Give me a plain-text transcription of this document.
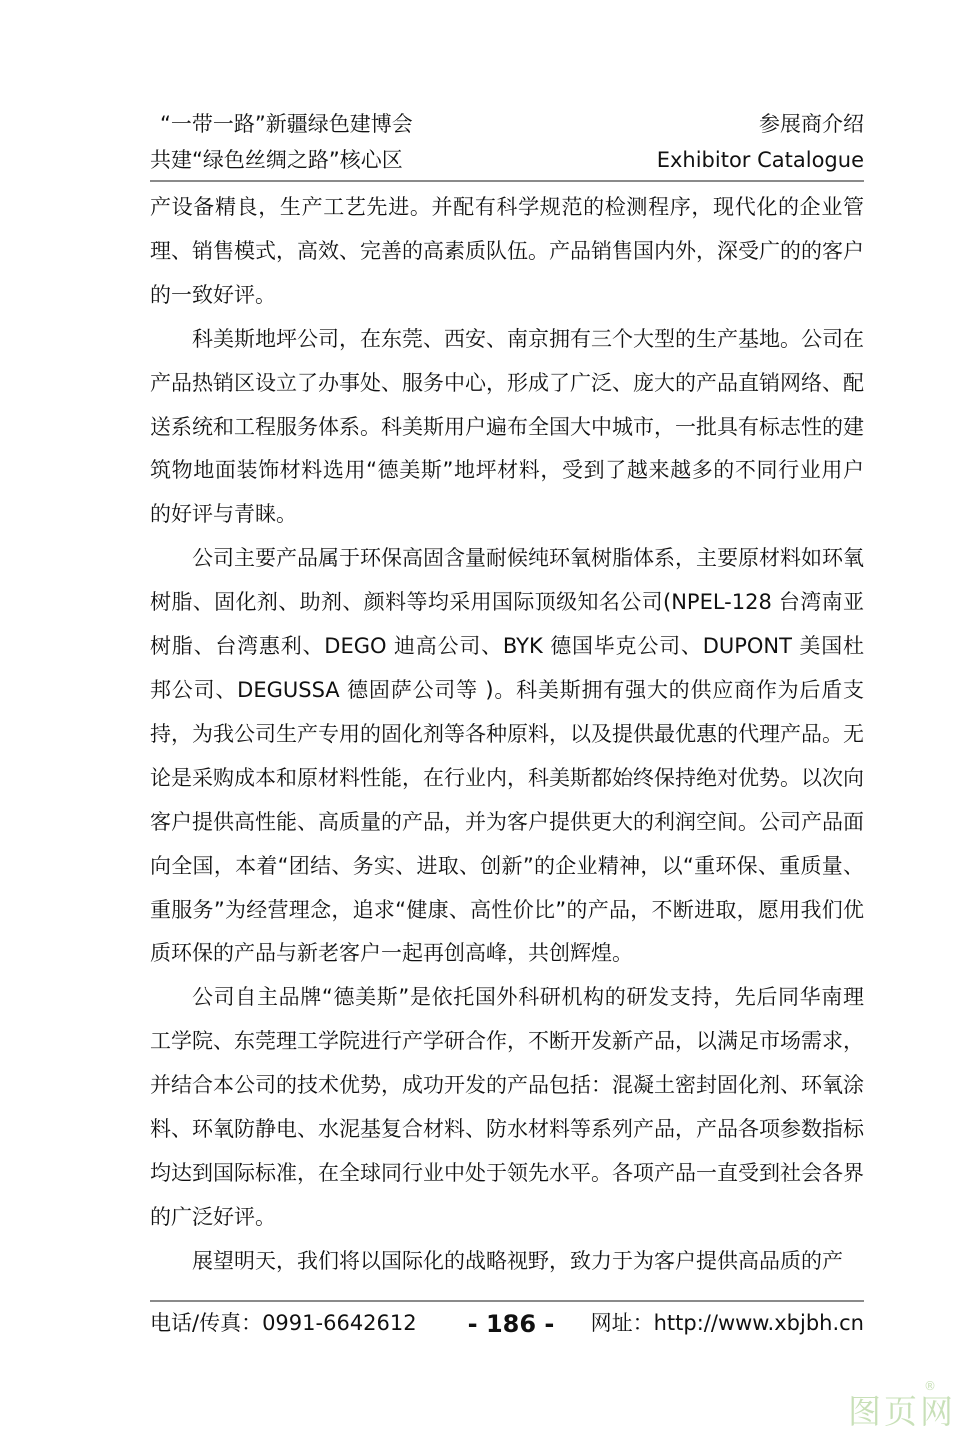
“一带一路”新疆绿色建博会
共建“绿色丝绸之路”核心区
参展商介绍
Exhibitor Catalogue

产设备精良，生产工艺先进。并配有科学规范的检测程序，现代化的企业管理、销售模式，高效、完善的高素质队伍。产品销售国内外，深受广的的客户的一致好评。

科美斯地坪公司，在东莞、西安、南京拥有三个大型的生产基地。公司在产品热销区设立了办事处、服务中心，形成了广泛、庞大的产品直销网络、配送系统和工程服务体系。科美斯用户遍布全国大中城市，一批具有标志性的建筑物地面装饰材料选用“德美斯”地坪材料，受到了越来越多的不同行业用户的好评与青睐。

公司主要产品属于环保高固含量耐候纯环氧树脂体系，主要原材料如环氧树脂、固化剂、助剂、颜料等均采用国际顶级知名公司(NPEL-128 台湾南亚树脂、台湾惠利、DEGO 迪高公司、BYK 德国毕克公司、DUPONT 美国杜邦公司、DEGUSSA 德固萨公司等 )。科美斯拥有强大的供应商作为后盾支持，为我公司生产专用的固化剂等各种原料，以及提供最优惠的代理产品。无论是采购成本和原材料性能，在行业内，科美斯都始终保持绝对优势。以次向客户提供高性能、高质量的产品，并为客户提供更大的利润空间。公司产品面向全国，本着“团结、务实、进取、创新”的企业精神，以“重环保、重质量、重服务”为经营理念，追求“健康、高性价比”的产品，不断进取，愿用我们优质环保的产品与新老客户一起再创高峰，共创辉煌。

公司自主品牌“德美斯”是依托国外科研机构的研发支持，先后同华南理工学院、东莞理工学院进行产学研合作，不断开发新产品，以满足市场需求，并结合本公司的技术优势，成功开发的产品包括：混凝土密封固化剂、环氧涂料、环氧防静电、水泥基复合材料、防水材料等系列产品，产品各项参数指标均达到国际标准，在全球同行业中处于领先水平。各项产品一直受到社会各界的广泛好评。

展望明天，我们将以国际化的战略视野，致力于为客户提供高品质的产

电话/传真：0991-6642612 - 186 - 网址：http://www.xbjbh.cn
图页网
®
